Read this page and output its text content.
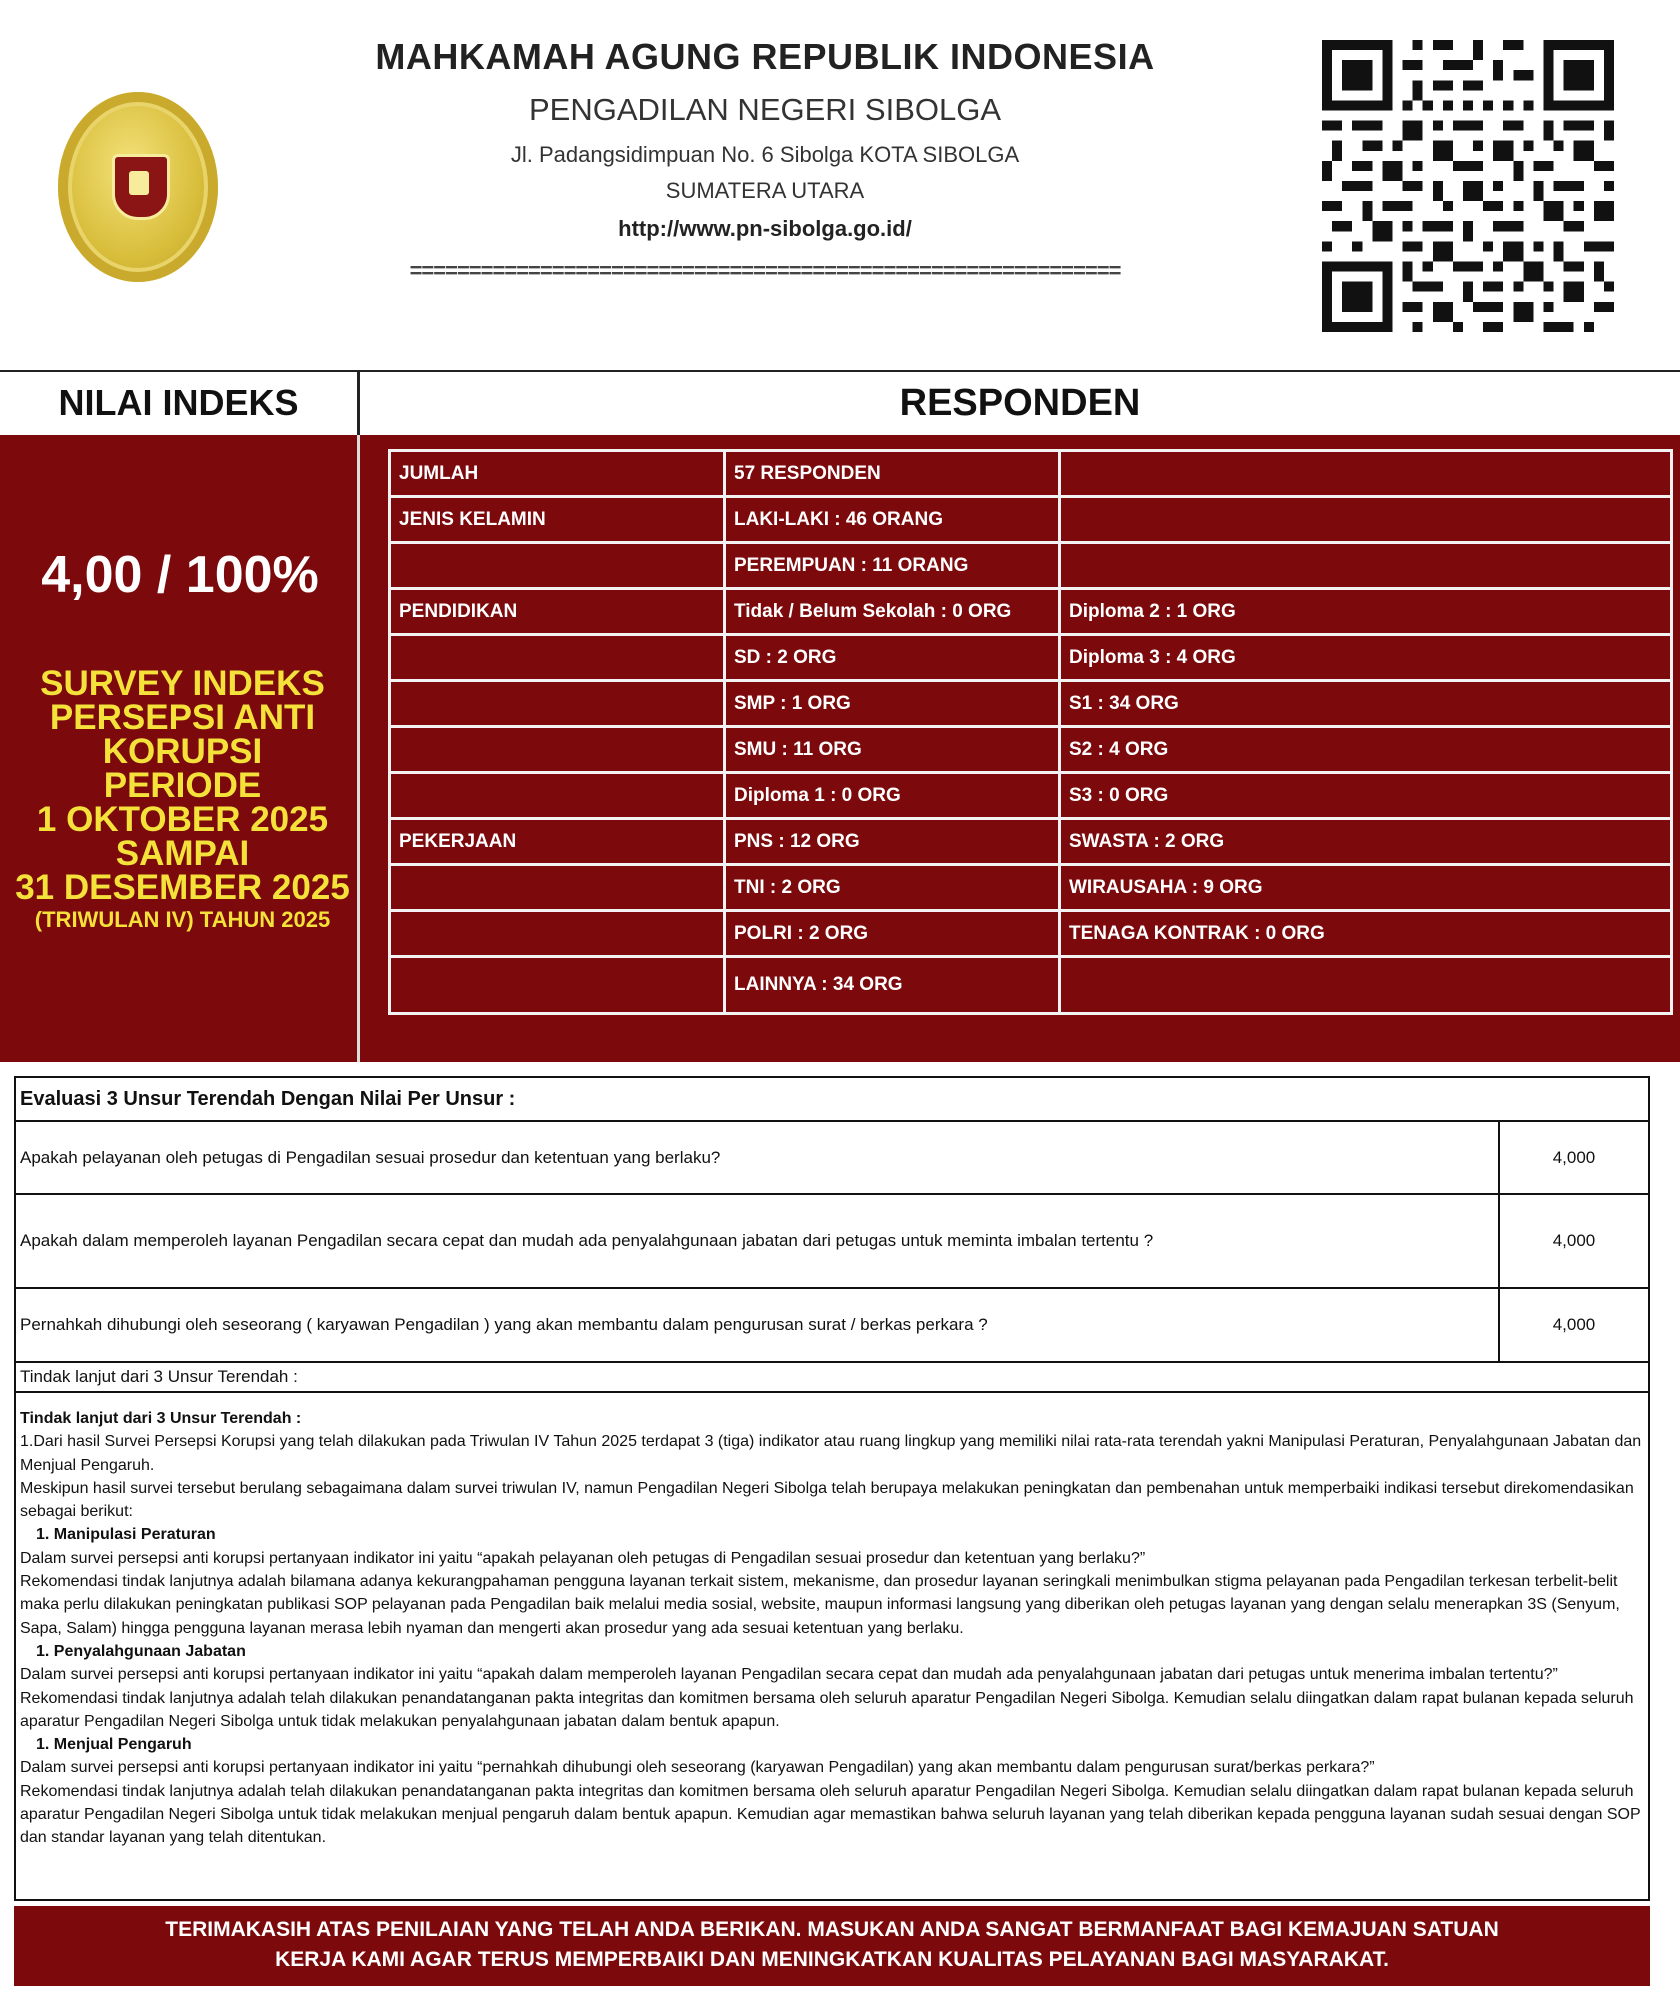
MAHKAMAH AGUNG REPUBLIK INDONESIA
PENGADILAN NEGERI SIBOLGA
Jl. Padangsidimpuan No. 6 Sibolga KOTA SIBOLGA
SUMATERA UTARA
http://www.pn-sibolga.go.id/
============================================================
NILAI INDEKS	RESPONDEN
4,00 / 100%
SURVEY INDEKS
PERSEPSI ANTI
KORUPSI
PERIODE
1 OKTOBER 2025
SAMPAI
31 DESEMBER 2025
(TRIWULAN IV) TAHUN 2025
JUMLAH	57 RESPONDEN	
JENIS KELAMIN	LAKI-LAKI : 46 ORANG	
	PEREMPUAN : 11 ORANG	
PENDIDIKAN	Tidak / Belum Sekolah : 0 ORG	Diploma 2 : 1 ORG
	SD : 2 ORG	Diploma 3 : 4 ORG
	SMP : 1 ORG	S1 : 34 ORG
	SMU : 11 ORG	S2 : 4 ORG
	Diploma 1 : 0 ORG	S3 : 0 ORG
PEKERJAAN	PNS : 12 ORG	SWASTA : 2 ORG
	TNI : 2 ORG	WIRAUSAHA : 9 ORG
	POLRI : 2 ORG	TENAGA KONTRAK : 0 ORG
	LAINNYA : 34 ORG	
Evaluasi 3 Unsur Terendah Dengan Nilai Per Unsur :
Apakah pelayanan oleh petugas di Pengadilan sesuai prosedur dan ketentuan yang berlaku?	4,000
Apakah dalam memperoleh layanan Pengadilan secara cepat dan mudah ada penyalahgunaan jabatan dari petugas untuk meminta imbalan tertentu ?	4,000
Pernahkah dihubungi oleh seseorang ( karyawan Pengadilan ) yang akan membantu dalam pengurusan surat / berkas perkara ?	4,000
Tindak lanjut dari 3 Unsur Terendah :

Tindak lanjut dari 3 Unsur Terendah :

1.Dari hasil Survei Persepsi Korupsi yang telah dilakukan pada Triwulan IV Tahun 2025 terdapat 3 (tiga) indikator atau ruang lingkup yang memiliki nilai rata-rata terendah yakni Manipulasi Peraturan, Penyalahgunaan Jabatan dan Menjual Pengaruh.

Meskipun hasil survei tersebut berulang sebagaimana dalam survei triwulan IV, namun Pengadilan Negeri Sibolga telah berupaya melakukan peningkatan dan pembenahan untuk memperbaiki indikasi tersebut direkomendasikan sebagai berikut:

1. Manipulasi Peraturan

Dalam survei persepsi anti korupsi pertanyaan indikator ini yaitu “apakah pelayanan oleh petugas di Pengadilan sesuai prosedur dan ketentuan yang berlaku?”

Rekomendasi tindak lanjutnya adalah bilamana adanya kekurangpahaman pengguna layanan terkait sistem, mekanisme, dan prosedur layanan seringkali menimbulkan stigma pelayanan pada Pengadilan terkesan terbelit-belit maka perlu dilakukan peningkatan publikasi SOP pelayanan pada Pengadilan baik melalui media sosial, website, maupun informasi langsung yang diberikan oleh petugas layanan yang dengan selalu menerapkan 3S (Senyum, Sapa, Salam) hingga pengguna layanan merasa lebih nyaman dan mengerti akan prosedur yang ada sesuai ketentuan yang berlaku.

1. Penyalahgunaan Jabatan

Dalam survei persepsi anti korupsi pertanyaan indikator ini yaitu “apakah dalam memperoleh layanan Pengadilan secara cepat dan mudah ada penyalahgunaan jabatan dari petugas untuk menerima imbalan tertentu?”

Rekomendasi tindak lanjutnya adalah telah dilakukan penandatanganan pakta integritas dan komitmen bersama oleh seluruh aparatur Pengadilan Negeri Sibolga. Kemudian selalu diingatkan dalam rapat bulanan kepada seluruh aparatur Pengadilan Negeri Sibolga untuk tidak melakukan penyalahgunaan jabatan dalam bentuk apapun.

1. Menjual Pengaruh

Dalam survei persepsi anti korupsi pertanyaan indikator ini yaitu “pernahkah dihubungi oleh seseorang (karyawan Pengadilan) yang akan membantu dalam pengurusan surat/berkas perkara?”

Rekomendasi tindak lanjutnya adalah telah dilakukan penandatanganan pakta integritas dan komitmen bersama oleh seluruh aparatur Pengadilan Negeri Sibolga. Kemudian selalu diingatkan dalam rapat bulanan kepada seluruh aparatur Pengadilan Negeri Sibolga untuk tidak melakukan menjual pengaruh dalam bentuk apapun. Kemudian agar memastikan bahwa seluruh layanan yang telah diberikan kepada pengguna layanan sudah sesuai dengan SOP dan standar layanan yang telah ditentukan.

TERIMAKASIH ATAS PENILAIAN YANG TELAH ANDA BERIKAN. MASUKAN ANDA SANGAT BERMANFAAT BAGI KEMAJUAN SATUAN
KERJA KAMI AGAR TERUS MEMPERBAIKI DAN MENINGKATKAN KUALITAS PELAYANAN BAGI MASYARAKAT.
